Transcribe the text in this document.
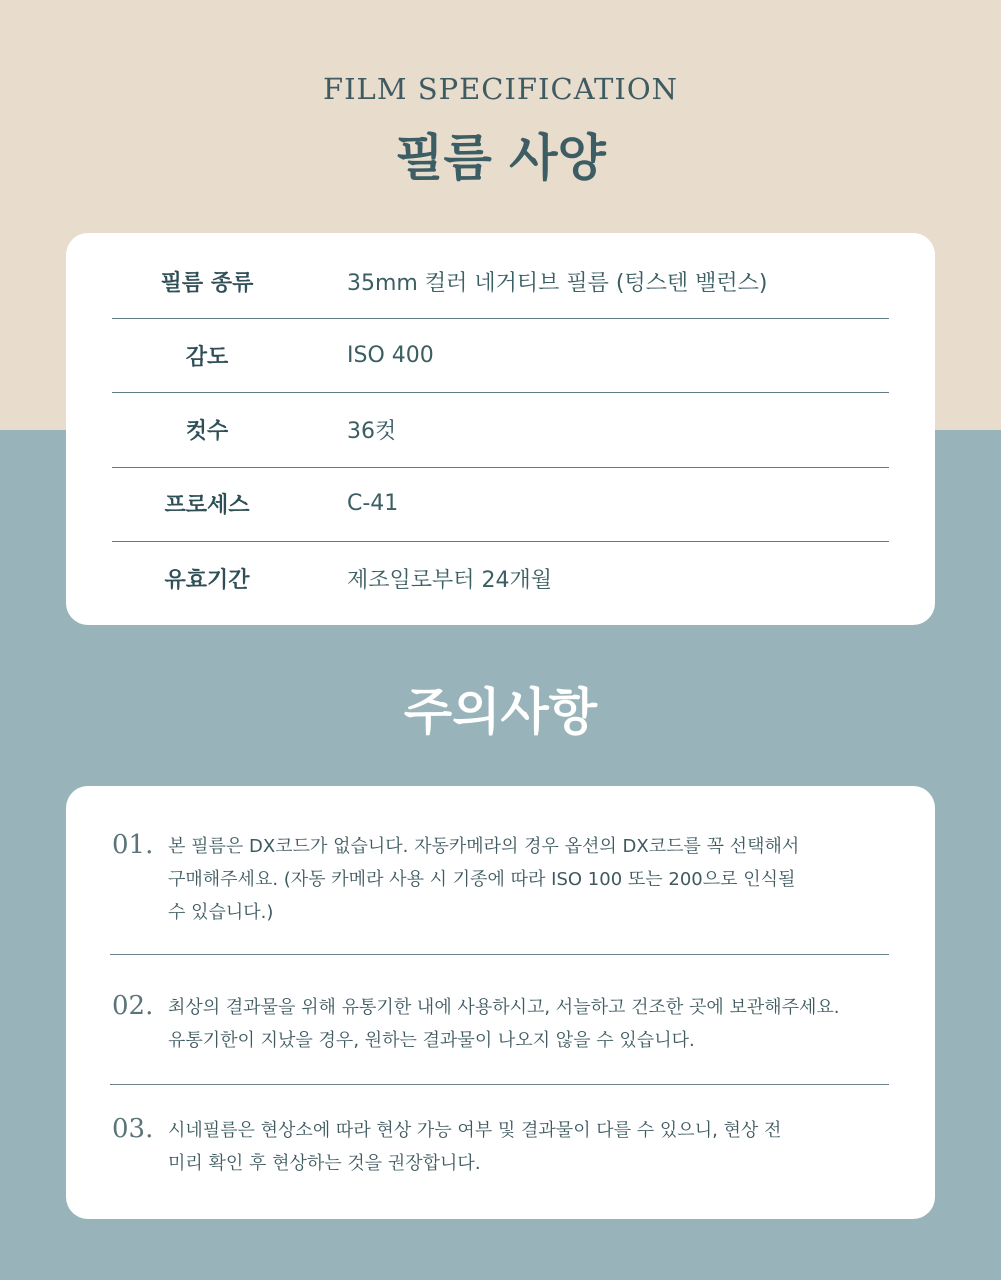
FILM SPECIFICATION
필름 사양
필름 종류	35mm 컬러 네거티브 필름 (텅스텐 밸런스)
감도	ISO 400
컷수	36컷
프로세스	C-41
유효기간	제조일로부터 24개월
주의사항
01. 본 필름은 DX코드가 없습니다. 자동카메라의 경우 옵션의 DX코드를 꼭 선택해서
구매해주세요. (자동 카메라 사용 시 기종에 따라 ISO 100 또는 200으로 인식될
수 있습니다.)
02. 최상의 결과물을 위해 유통기한 내에 사용하시고, 서늘하고 건조한 곳에 보관해주세요.
유통기한이 지났을 경우, 원하는 결과물이 나오지 않을 수 있습니다.
03. 시네필름은 현상소에 따라 현상 가능 여부 및 결과물이 다를 수 있으니, 현상 전
미리 확인 후 현상하는 것을 권장합니다.
